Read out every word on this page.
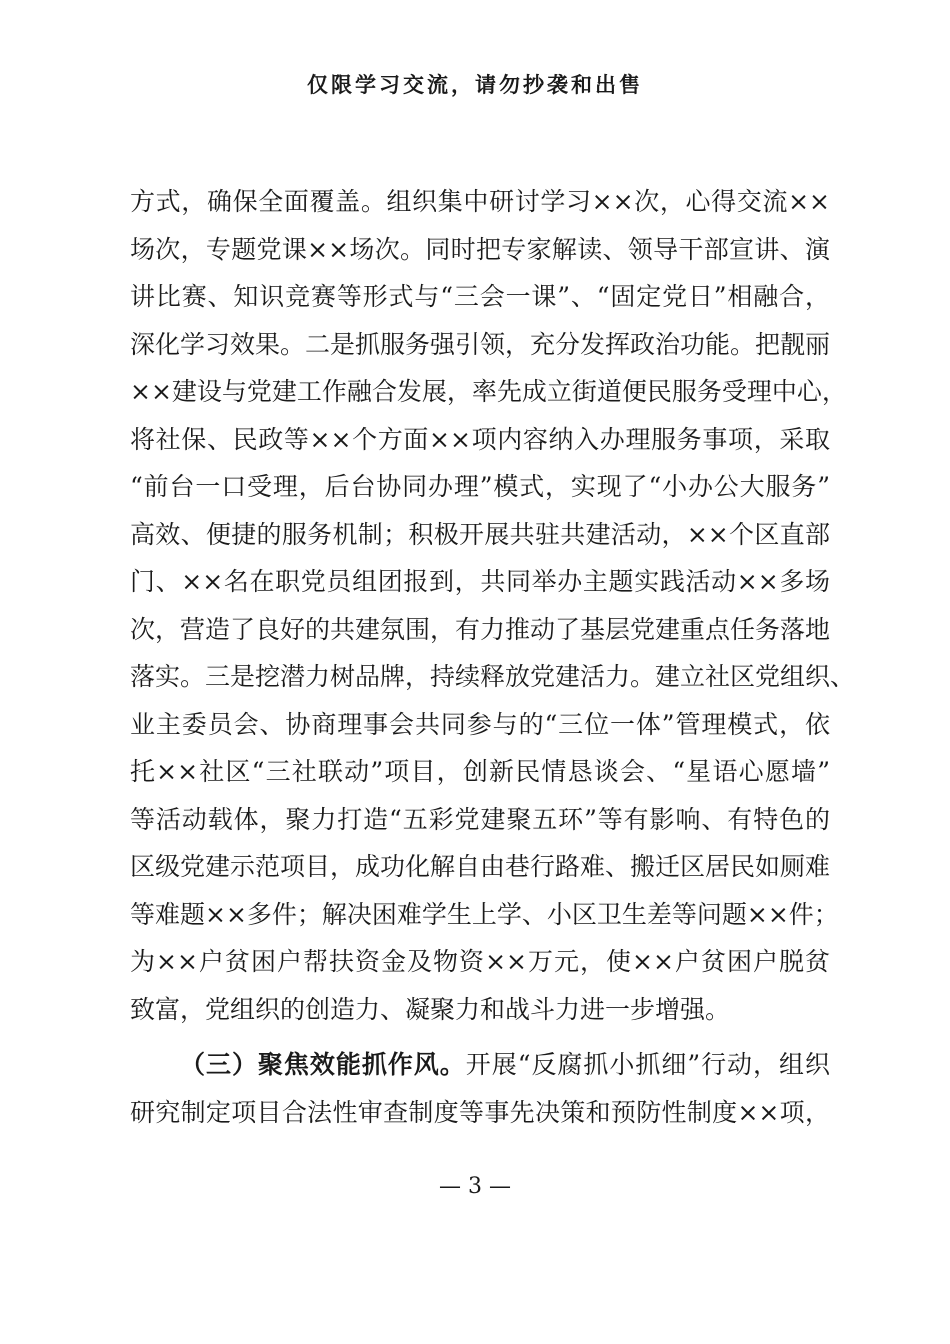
仅限学习交流，请勿抄袭和出售
方式，确保全面覆盖。组织集中研讨学习××次，心得交流××
场次，专题党课××场次。同时把专家解读、领导干部宣讲、演
讲比赛、知识竞赛等形式与“三会一课”、“固定党日”相融合，
深化学习效果。二是抓服务强引领，充分发挥政治功能。把靓丽
××建设与党建工作融合发展，率先成立街道便民服务受理中心，
将社保、民政等××个方面××项内容纳入办理服务事项，采取
“前台一口受理，后台协同办理”模式，实现了“小办公大服务”
高效、便捷的服务机制；积极开展共驻共建活动，××个区直部
门、××名在职党员组团报到，共同举办主题实践活动××多场
次，营造了良好的共建氛围，有力推动了基层党建重点任务落地
落实。三是挖潜力树品牌，持续释放党建活力。建立社区党组织、
业主委员会、协商理事会共同参与的“三位一体”管理模式，依
托××社区“三社联动”项目，创新民情恳谈会、“星语心愿墙”
等活动载体，聚力打造“五彩党建聚五环”等有影响、有特色的
区级党建示范项目，成功化解自由巷行路难、搬迁区居民如厕难
等难题××多件；解决困难学生上学、小区卫生差等问题××件；
为××户贫困户帮扶资金及物资××万元，使××户贫困户脱贫
致富，党组织的创造力、凝聚力和战斗力进一步增强。
（三）聚焦效能抓作风。开展“反腐抓小抓细”行动，组织
研究制定项目合法性审查制度等事先决策和预防性制度××项，
— 3 —
